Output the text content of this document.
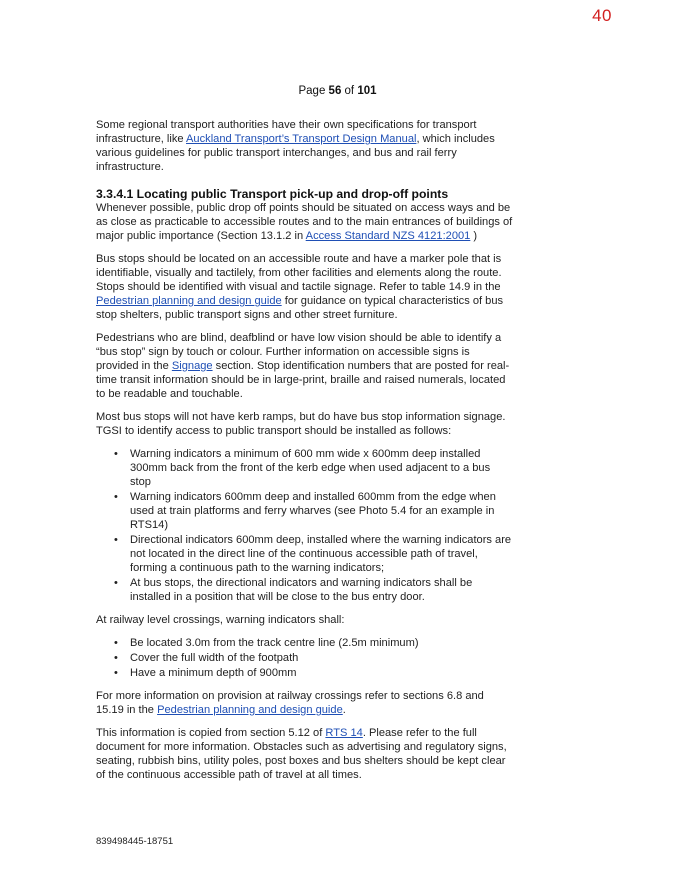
40
Page 56 of 101

Some regional transport authorities have their own specifications for transport infrastructure, like Auckland Transport’s Transport Design Manual, which includes various guidelines for public transport interchanges, and bus and rail ferry infrastructure.

3.3.4.1 Locating public Transport pick-up and drop-off points

Whenever possible, public drop off points should be situated on access ways and be as close as practicable to accessible routes and to the main entrances of buildings of major public importance (Section 13.1.2 in Access Standard NZS 4121:2001 )

Bus stops should be located on an accessible route and have a marker pole that is identifiable, visually and tactilely, from other facilities and elements along the route. Stops should be identified with visual and tactile signage. Refer to table 14.9 in the Pedestrian planning and design guide for guidance on typical characteristics of bus stop shelters, public transport signs and other street furniture.

Pedestrians who are blind, deafblind or have low vision should be able to identify a “bus stop” sign by touch or colour. Further information on accessible signs is provided in the Signage section. Stop identification numbers that are posted for real-time transit information should be in large-print, braille and raised numerals, located to be readable and touchable.

Most bus stops will not have kerb ramps, but do have bus stop information signage. TGSI to identify access to public transport should be installed as follows:

• Warning indicators a minimum of 600 mm wide x 600mm deep installed 300mm back from the front of the kerb edge when used adjacent to a bus stop
• Warning indicators 600mm deep and installed 600mm from the edge when used at train platforms and ferry wharves (see Photo 5.4 for an example in RTS14)
• Directional indicators 600mm deep, installed where the warning indicators are not located in the direct line of the continuous accessible path of travel, forming a continuous path to the warning indicators;
• At bus stops, the directional indicators and warning indicators shall be installed in a position that will be close to the bus entry door.

At railway level crossings, warning indicators shall:

• Be located 3.0m from the track centre line (2.5m minimum)
• Cover the full width of the footpath
• Have a minimum depth of 900mm

For more information on provision at railway crossings refer to sections 6.8 and 15.19 in the Pedestrian planning and design guide.

This information is copied from section 5.12 of RTS 14. Please refer to the full document for more information. Obstacles such as advertising and regulatory signs, seating, rubbish bins, utility poles, post boxes and bus shelters should be kept clear of the continuous accessible path of travel at all times.

839498445-18751
